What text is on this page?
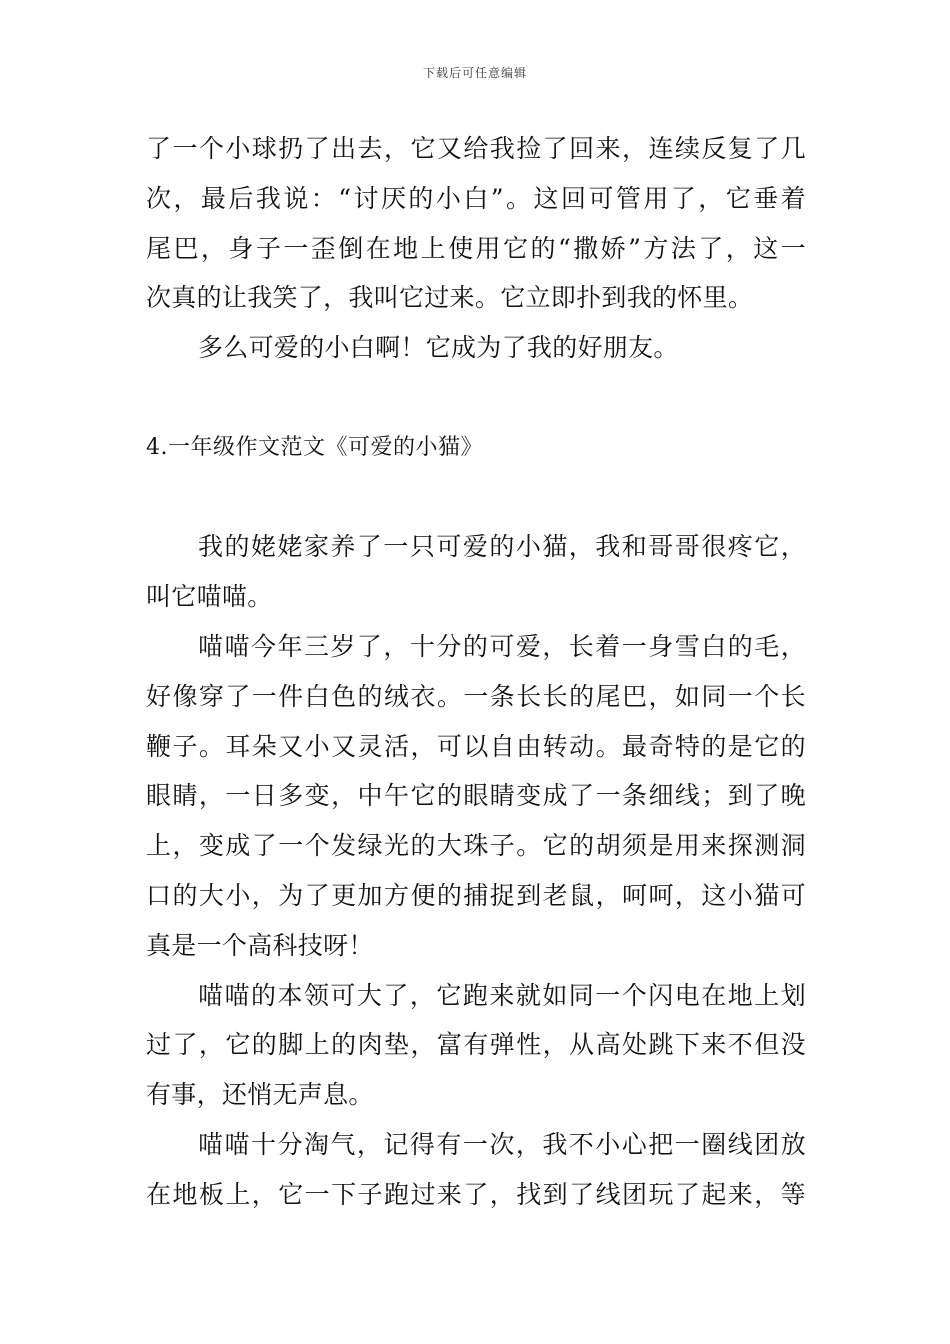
下载后可任意编辑
了一个小球扔了出去，它又给我捡了回来，连续反复了几
次，最后我说：“讨厌的小白”。这回可管用了，它垂着
尾巴，身子一歪倒在地上使用它的“撒娇”方法了，这一
次真的让我笑了，我叫它过来。它立即扑到我的怀里。
多么可爱的小白啊！它成为了我的好朋友。
4.一年级作文范文《可爱的小猫》
我的姥姥家养了一只可爱的小猫，我和哥哥很疼它，
叫它喵喵。
喵喵今年三岁了，十分的可爱，长着一身雪白的毛，
好像穿了一件白色的绒衣。一条长长的尾巴，如同一个长
鞭子。耳朵又小又灵活，可以自由转动。最奇特的是它的
眼睛，一日多变，中午它的眼睛变成了一条细线；到了晚
上，变成了一个发绿光的大珠子。它的胡须是用来探测洞
口的大小，为了更加方便的捕捉到老鼠，呵呵，这小猫可
真是一个高科技呀！
喵喵的本领可大了，它跑来就如同一个闪电在地上划
过了，它的脚上的肉垫，富有弹性，从高处跳下来不但没
有事，还悄无声息。
喵喵十分淘气，记得有一次，我不小心把一圈线团放
在地板上，它一下子跑过来了，找到了线团玩了起来，等
